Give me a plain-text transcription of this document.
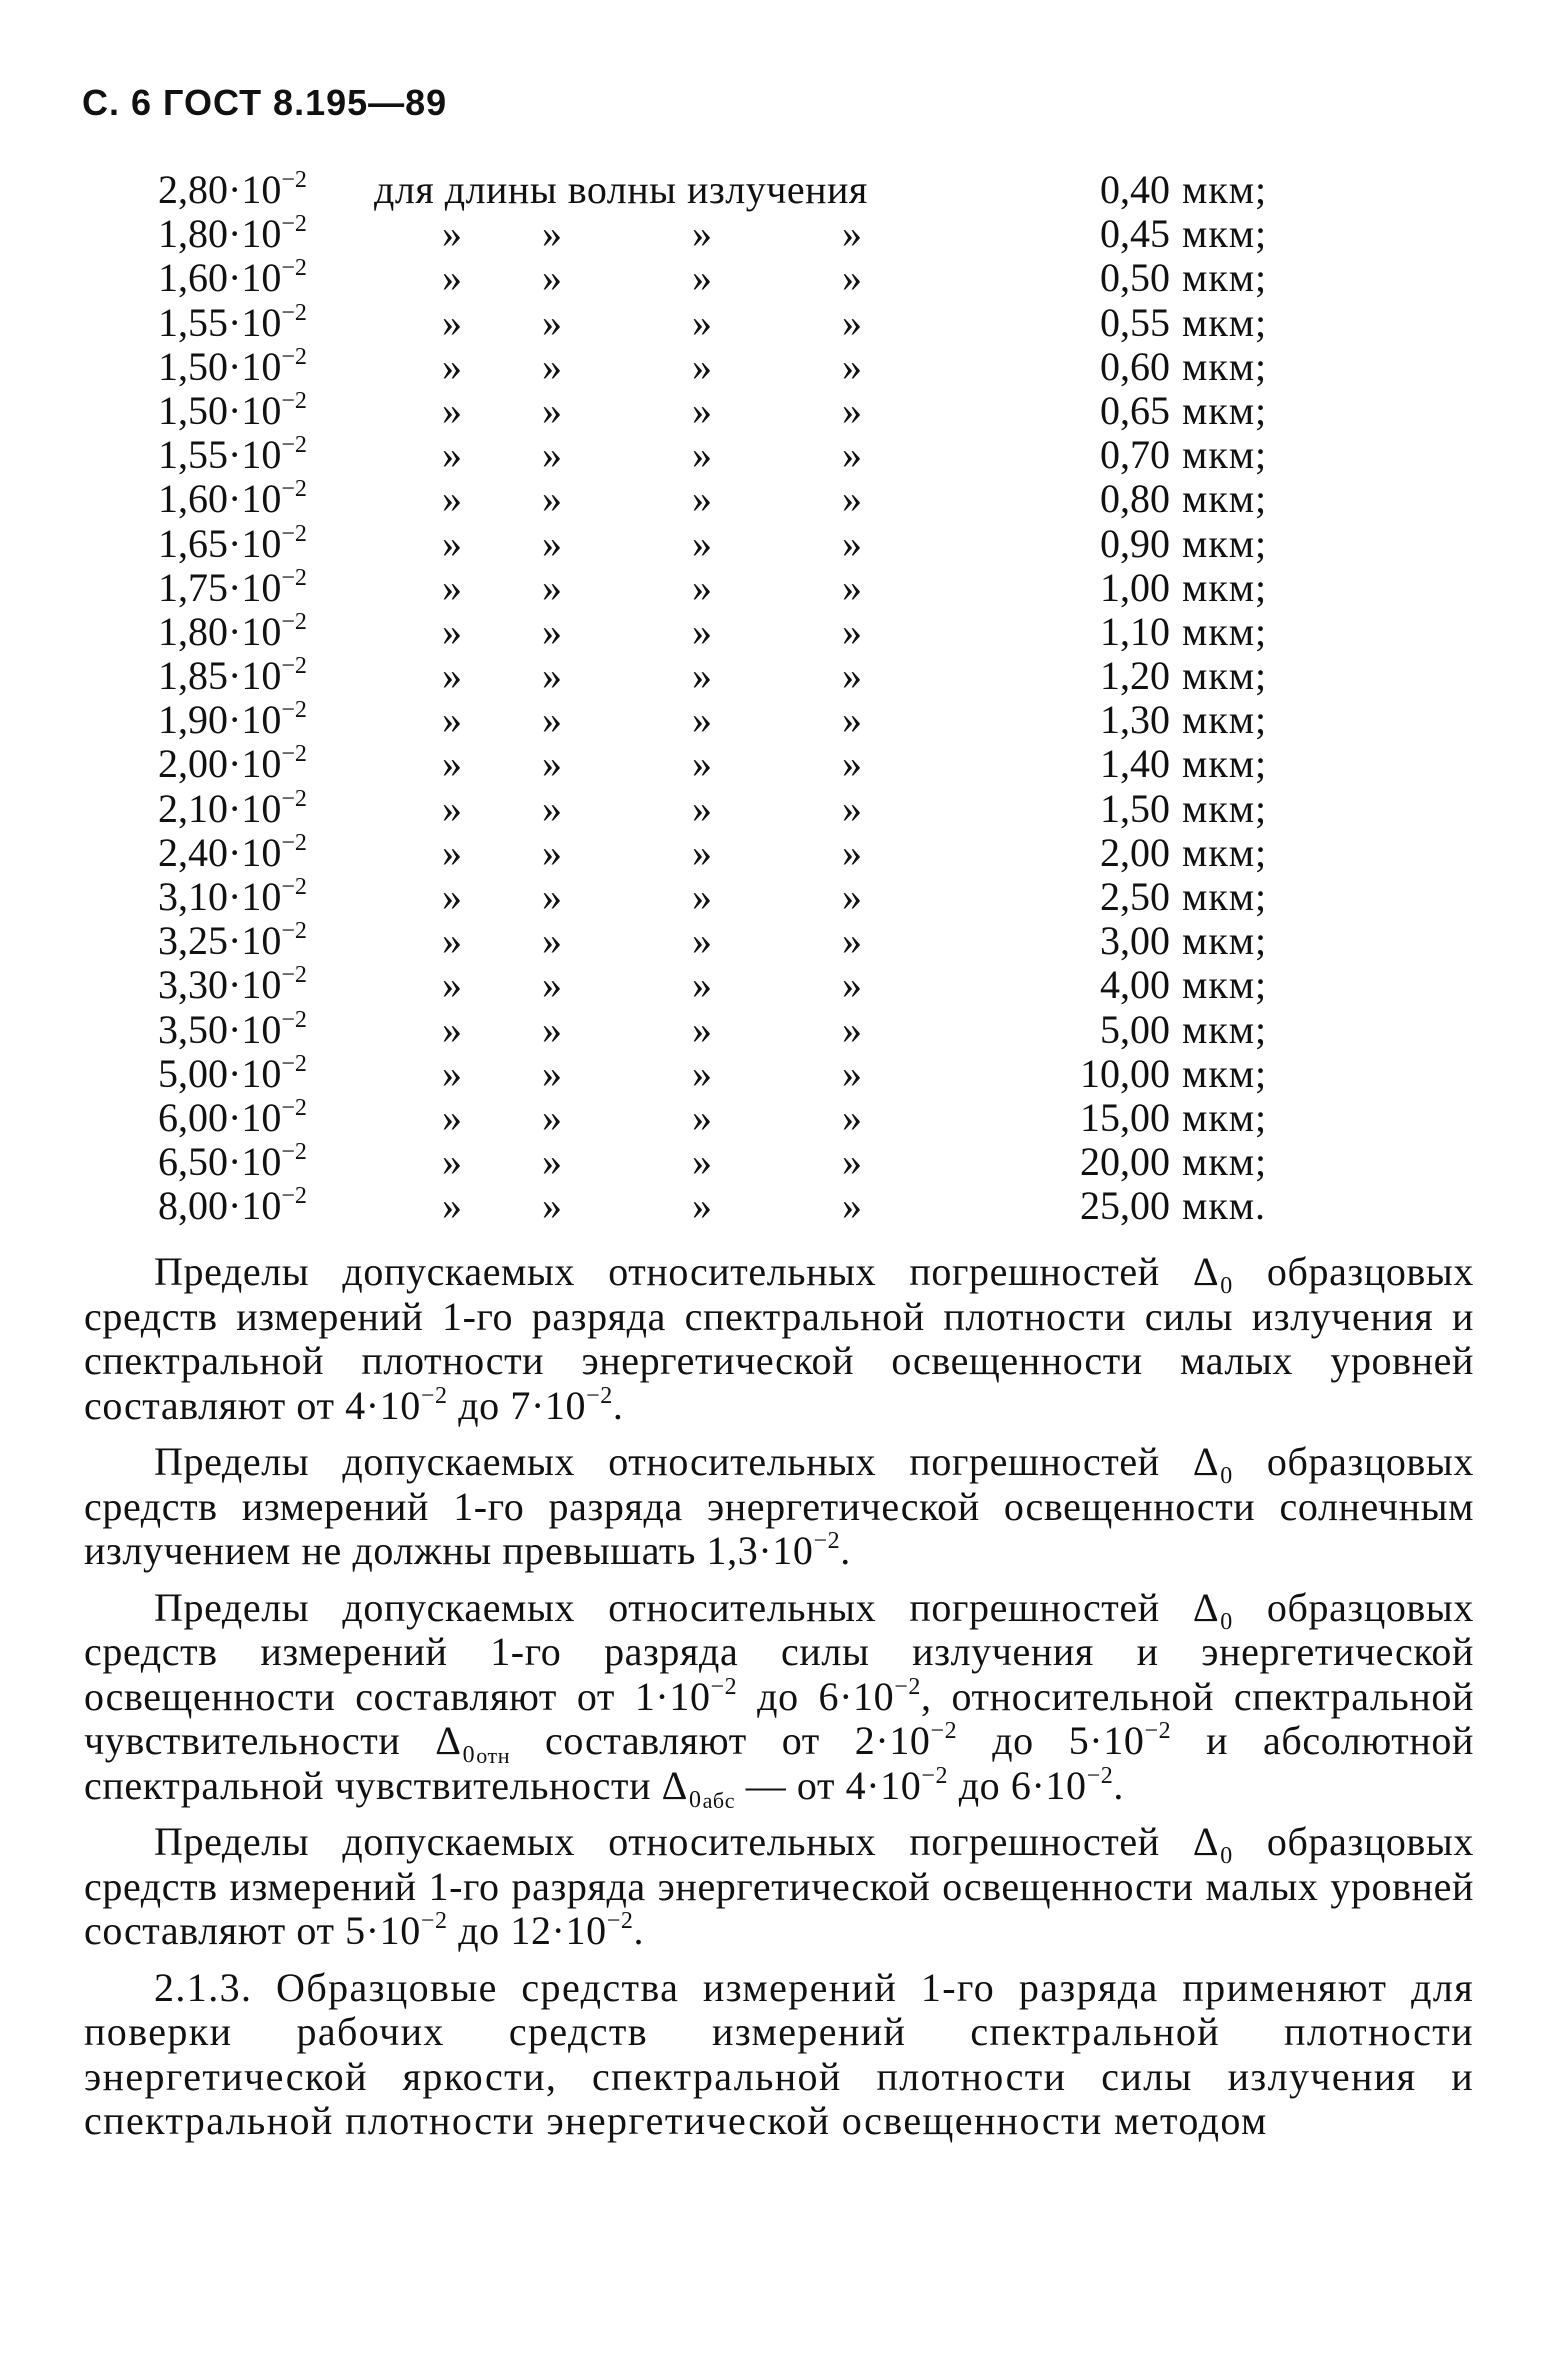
С. 6 ГОСТ 8.195—89
$2,80\cdot 10^{-2}$ для длины волны излучения	0,40 мкм;
$1,80\cdot 10^{-2}$	» »	»	»	0,45 мкм;
$1,60\cdot 10^{-2}$	» »	»	»	0,50 мкм;
$1,55\cdot 10^{-2}$	» »	»	»	0,55 мкм;
$1,50\cdot 10^{-2}$	» »	»	»	0,60 мкм;
$1,50\cdot 10^{-2}$	» »	»	»	0,65 мкм;
$1,55\cdot 10^{-2}$	» »	»	»	0,70 мкм;
$1,60\cdot 10^{-2}$	» »	»	»	0,80 мкм;
$1,65\cdot 10^{-2}$	» »	»	»	0,90 мкм;
$1,75\cdot 10^{-2}$	» »	»	»	1,00 мкм;
$1,80\cdot 10^{-2}$	» »	»	»	1,10 мкм;
$1,85\cdot 10^{-2}$	» »	»	»	1,20 мкм;
$1,90\cdot 10^{-2}$	» »	»	»	1,30 мкм;
$2,00\cdot 10^{-2}$	» »	»	»	1,40 мкм;
$2,10\cdot 10^{-2}$	» »	»	»	1,50 мкм;
$2,40\cdot 10^{-2}$	» »	»	»	2,00 мкм;
$3,10\cdot 10^{-2}$	» »	»	»	2,50 мкм;
$3,25\cdot 10^{-2}$	» »	»	»	3,00 мкм;
$3,30\cdot 10^{-2}$	» »	»	»	4,00 мкм;
$3,50\cdot 10^{-2}$	» »	»	»	5,00 мкм;
$5,00\cdot 10^{-2}$	» »	»	»	10,00 мкм;
$6,00\cdot 10^{-2}$	» »	»	»	15,00 мкм;
$6,50\cdot 10^{-2}$	» »	»	»	20,00 мкм;
$8,00\cdot 10^{-2}$	» »	»	»	25,00 мкм.

Пределы допускаемых относительных погрешностей Δ₀ образцовых средств измерений 1-го разряда спектральной плотности силы излучения и спектральной плотности энергетической освещенности малых уровней составляют от $4\cdot 10^{-2}$ до $7\cdot 10^{-2}$.

Пределы допускаемых относительных погрешностей Δ₀ образцовых средств измерений 1-го разряда энергетической освещенности солнечным излучением не должны превышать $1,3\cdot 10^{-2}$.

Пределы допускаемых относительных погрешностей Δ₀ образцовых средств измерений 1-го разряда силы излучения и энергетической освещенности составляют от $1\cdot 10^{-2}$ до $6\cdot 10^{-2}$, относительной спектральной чувствительности $\Delta_0_{отн}$ составляют от $2\cdot 10^{-2}$ до $5\cdot 10^{-2}$ и абсолютной спектральной чувствительности $\Delta_0_{абс}$ — от $4\cdot 10^{-2}$ до $6\cdot 10^{-2}$.

Пределы допускаемых относительных погрешностей Δ₀ образцовых средств измерений 1-го разряда энергетической освещенности малых уровней составляют от $5\cdot 10^{-2}$ до $12\cdot 10^{-2}$.

2.1.3. Образцовые средства измерений 1-го разряда применяют для поверки рабочих средств измерений спектральной плотности энергетической яркости, спектральной плотности силы излучения и спектральной плотности энергетической освещенности методом
